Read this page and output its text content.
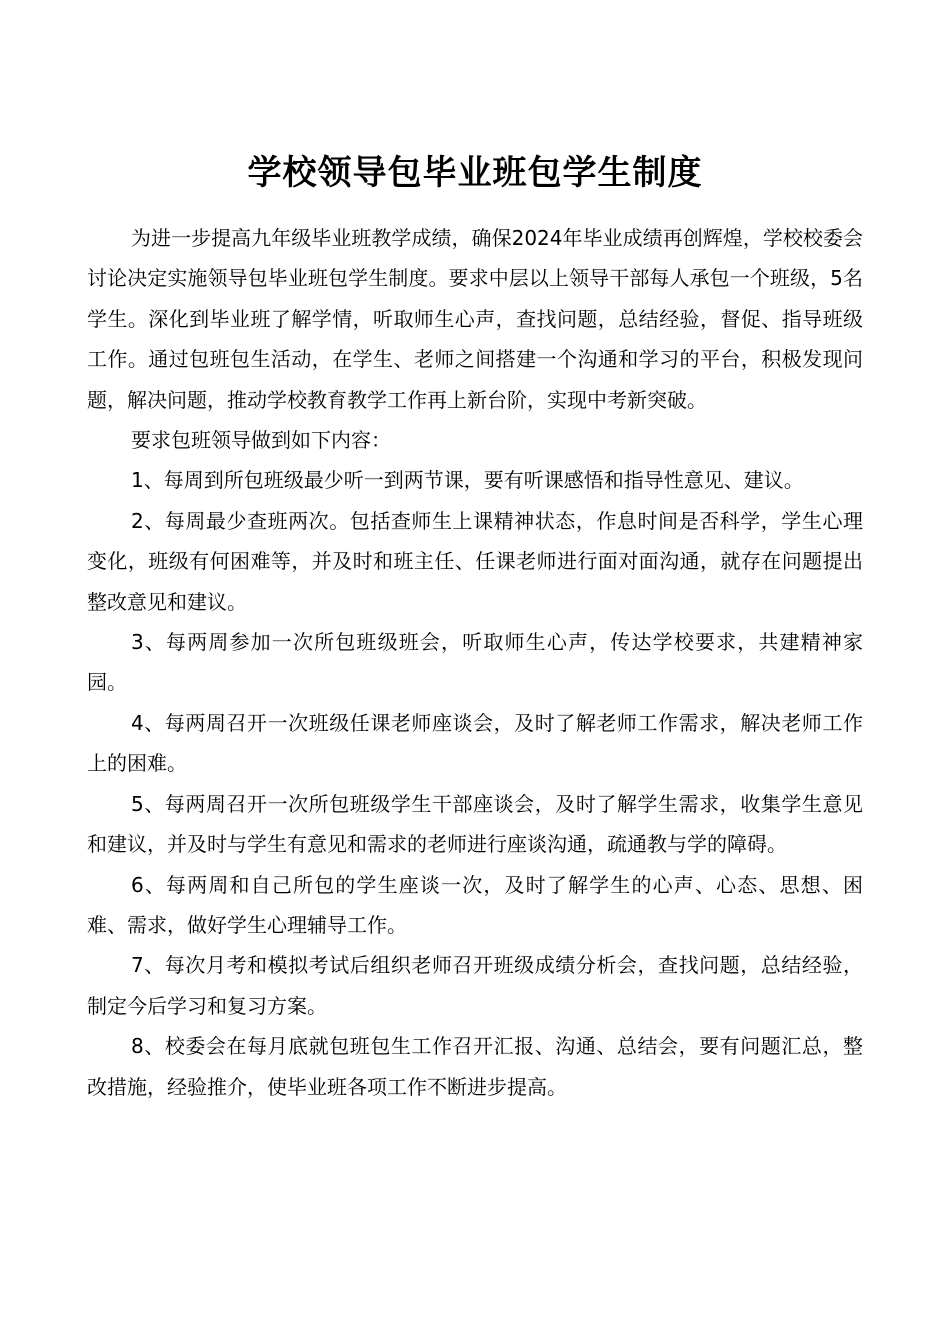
学校领导包毕业班包学生制度

为进一步提高九年级毕业班教学成绩，确保2024年毕业成绩再创辉煌，学校校委会讨论决定实施领导包毕业班包学生制度。要求中层以上领导干部每人承包一个班级，5名学生。深化到毕业班了解学情，听取师生心声，查找问题，总结经验，督促、指导班级工作。通过包班包生活动，在学生、老师之间搭建一个沟通和学习的平台，积极发现问题，解决问题，推动学校教育教学工作再上新台阶，实现中考新突破。

要求包班领导做到如下内容：

1、每周到所包班级最少听一到两节课，要有听课感悟和指导性意见、建议。

2、每周最少查班两次。包括查师生上课精神状态，作息时间是否科学，学生心理变化，班级有何困难等，并及时和班主任、任课老师进行面对面沟通，就存在问题提出整改意见和建议。

3、每两周参加一次所包班级班会，听取师生心声，传达学校要求，共建精神家园。

4、每两周召开一次班级任课老师座谈会，及时了解老师工作需求，解决老师工作上的困难。

5、每两周召开一次所包班级学生干部座谈会，及时了解学生需求，收集学生意见和建议，并及时与学生有意见和需求的老师进行座谈沟通，疏通教与学的障碍。

6、每两周和自己所包的学生座谈一次，及时了解学生的心声、心态、思想、困难、需求，做好学生心理辅导工作。

7、每次月考和模拟考试后组织老师召开班级成绩分析会，查找问题，总结经验，制定今后学习和复习方案。

8、校委会在每月底就包班包生工作召开汇报、沟通、总结会，要有问题汇总，整改措施，经验推介，使毕业班各项工作不断进步提高。
